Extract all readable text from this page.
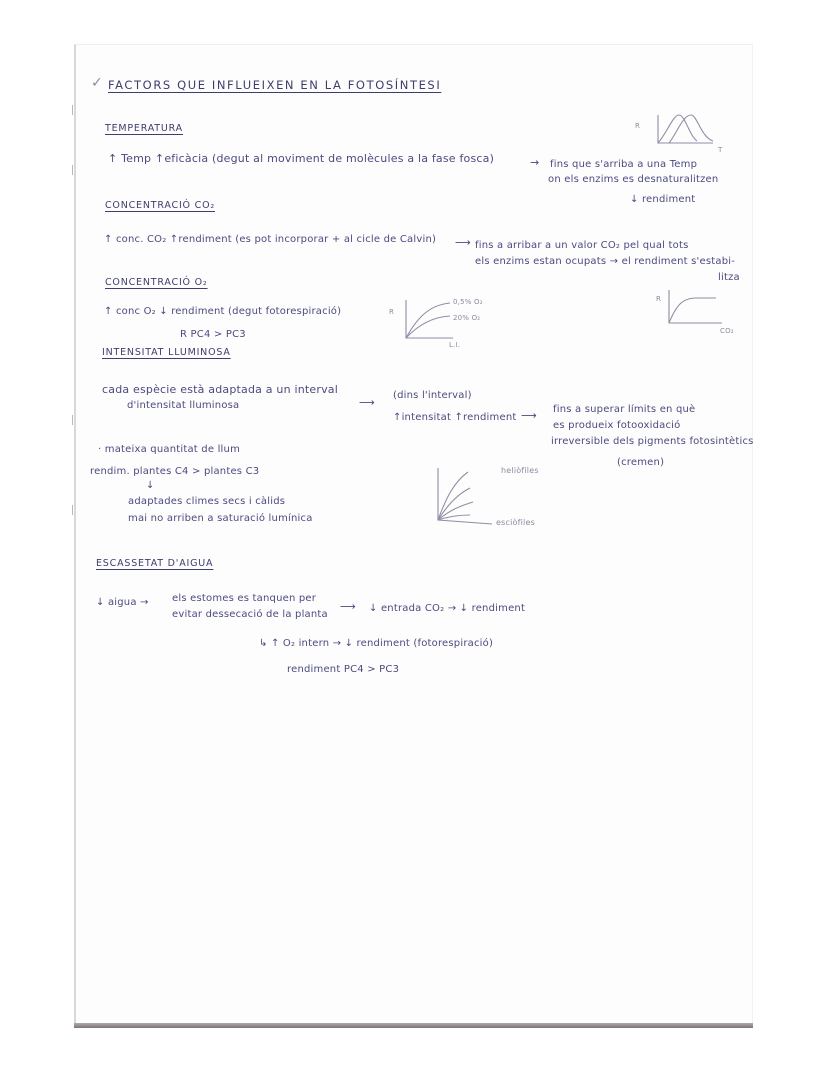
✓ FACTORS QUE INFLUEIXEN EN LA FOTOSÍNTESI
TEMPERATURA
↑ Temp ↑eficàcia (degut al moviment de molècules a la fase fosca)	→ fins que s'arriba a una Temp
on els enzims es desnaturalitzen
↓ rendiment
R
T
CONCENTRACIÓ CO₂
↑ conc. CO₂ ↑rendiment (es pot incorporar + al cicle de Calvin) ⟶ fins a arribar a un valor CO₂ pel qual tots
els enzims estan ocupats → el rendiment s'estabi-
litza
CONCENTRACIÓ O₂
↑ conc O₂ ↓ rendiment (degut fotorespiració)
R PC4 > PC3
R
L.I.
0,5% O₂
20% O₂
R
CO₂
INTENSITAT LLUMINOSA
cada espècie està adaptada a un interval
d'intensitat lluminosa	⟶
(dins l'interval)
↑intensitat ↑rendiment ⟶ fins a superar límits en què
es produeix fotooxidació
irreversible dels pigments fotosintètics
(cremen)
· mateixa quantitat de llum
rendim. plantes C4 > plantes C3
↓
adaptades climes secs i càlids
mai no arriben a saturació lumínica
heliòfiles
esciòfiles
ESCASSETAT D'AIGUA
↓ aigua → els estomes es tanquen per
evitar dessecació de la planta
⟶ ↓ entrada CO₂ → ↓ rendiment
↳ ↑ O₂ intern → ↓ rendiment (fotorespiració)
rendiment PC4 > PC3
